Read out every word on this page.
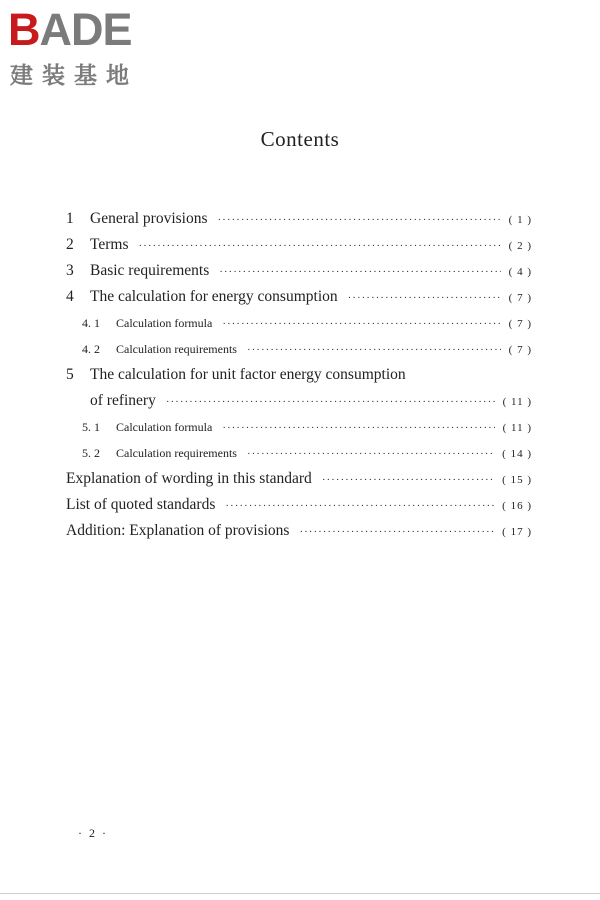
BADE
建装基地
Contents
1	General provisions ·····	( 1 )
2	Terms ·····	( 2 )
3	Basic requirements ·····	( 4 )
4	The calculation for energy consumption ·····	( 7 )
4. 1	Calculation formula ·····	( 7 )
4. 2	Calculation requirements ·····	( 7 )
5 The calculation for unit factor energy consumption
of refinery ·····	( 11 )
5. 1	Calculation formula ·····	( 11 )
5. 2	Calculation requirements ·····	( 14 )
Explanation of wording in this standard ·····	( 15 )
List of quoted standards ·····	( 16 )
Addition: Explanation of provisions ·····	( 17 )
· 2 ·
